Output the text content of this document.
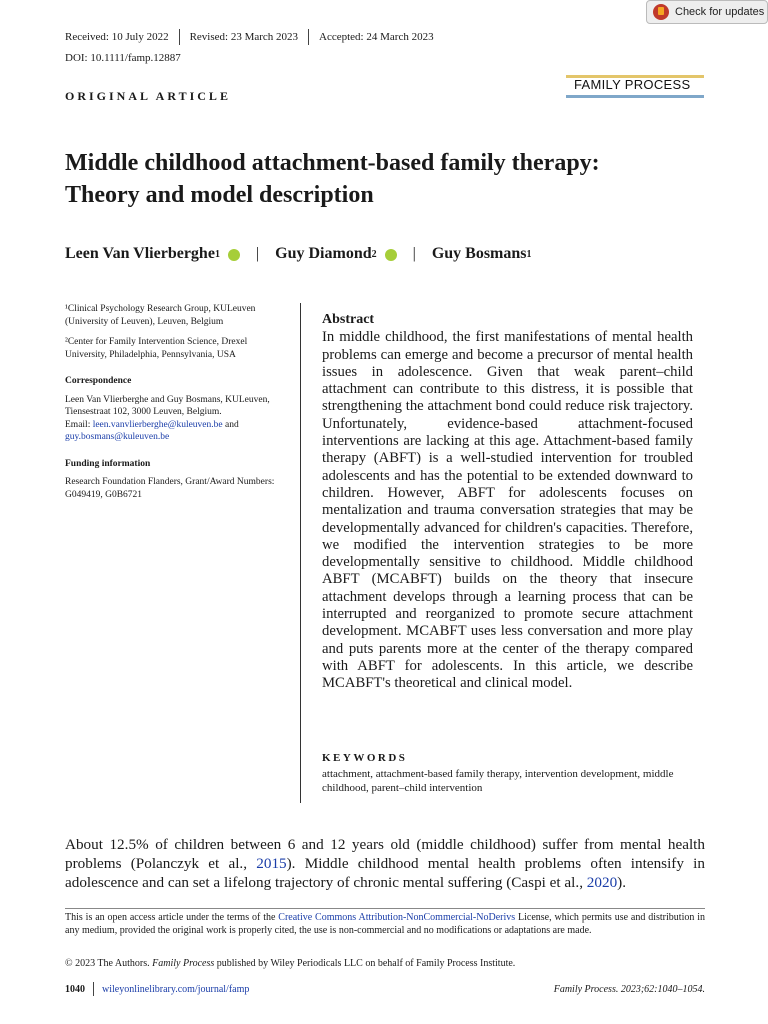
Check for updates
Received: 10 July 2022 Revised: 23 March 2023 Accepted: 24 March 2023
DOI: 10.1111/famp.12887
ORIGINAL ARTICLE
FAMILY PROCESS
Middle childhood attachment-based family therapy:
Theory and model description
Leen Van Vlierberghe 1 | Guy Diamond 2 | Guy Bosmans 1

¹Clinical Psychology Research Group, KULeuven (University of Leuven), Leuven, Belgium

²Center for Family Intervention Science, Drexel University, Philadelphia, Pennsylvania, USA

Correspondence

Leen Van Vlierberghe and Guy Bosmans, KULeuven, Tiensestraat 102, 3000 Leuven, Belgium.

Email: leen.vanvlierberghe@kuleuven.be and guy.bosmans@kuleuven.be

Funding information

Research Foundation Flanders, Grant/Award Numbers: G049419, G0B6721

Abstract
In middle childhood, the first manifestations of mental health problems can emerge and become a precursor of mental health issues in adolescence. Given that weak parent–child attachment can contribute to this distress, it is possible that strengthening the attachment bond could reduce risk trajectory. Unfortunately, evidence-based attachment-focused interventions are lacking at this age. Attachment-based family therapy (ABFT) is a well-studied intervention for troubled adolescents and has the potential to be extended downward to children. However, ABFT for adolescents focuses on mentalization and trauma conversation strategies that may be developmentally advanced for children's capacities. Therefore, we modified the intervention strategies to be more developmentally sensitive to childhood. Middle childhood ABFT (MCABFT) builds on the theory that insecure attachment develops through a learning process that can be interrupted and reorganized to promote secure attachment development. MCABFT uses less conversation and more play and puts parents more at the center of the therapy compared with ABFT for adolescents. In this article, we describe MCABFT's theoretical and clinical model.
KEYWORDS
attachment, attachment-based family therapy, intervention development, middle childhood, parent–child intervention
About 12.5% of children between 6 and 12 years old (middle childhood) suffer from mental health problems (Polanczyk et al., 2015). Middle childhood mental health problems often intensify in adolescence and can set a lifelong trajectory of chronic mental suffering (Caspi et al., 2020).
This is an open access article under the terms of the Creative Commons Attribution-NonCommercial-NoDerivs License, which permits use and distribution in any medium, provided the original work is properly cited, the use is non-commercial and no modifications or adaptations are made.
© 2023 The Authors. Family Process published by Wiley Periodicals LLC on behalf of Family Process Institute.
1040 wileyonlinelibrary.com/journal/famp	Family Process. 2023;62:1040–1054.
